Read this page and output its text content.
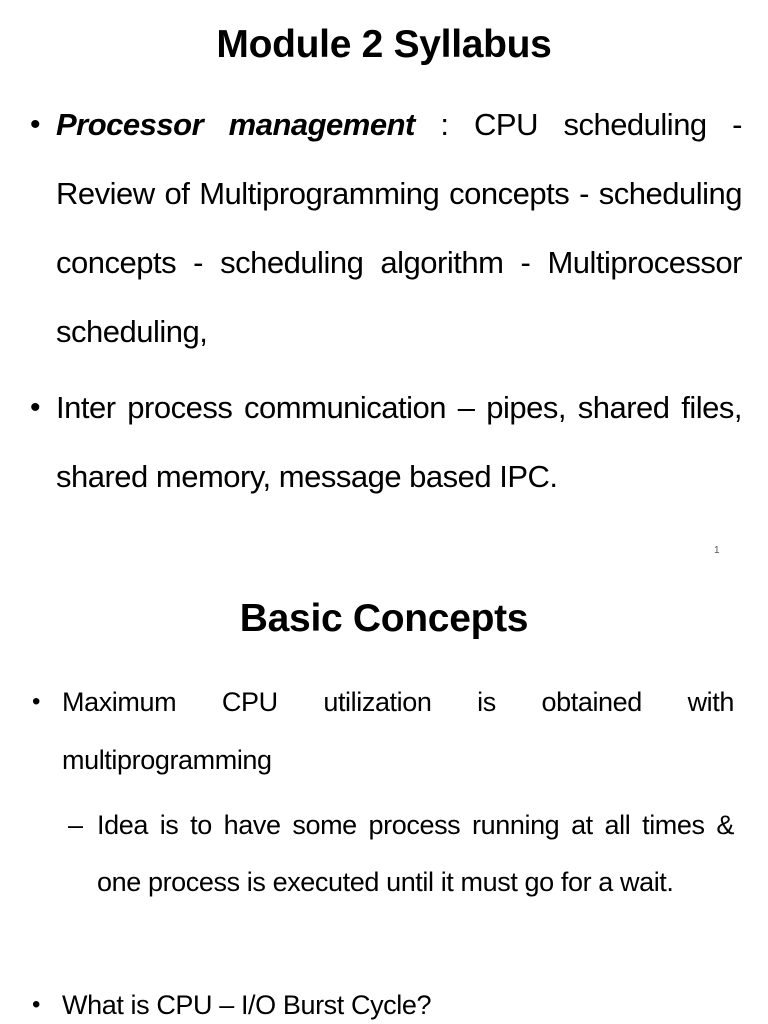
Module 2 Syllabus
• Processor management : CPU scheduling - Review of Multiprogramming concepts - scheduling concepts - scheduling algorithm - Multiprocessor scheduling,
• Inter process communication – pipes, shared files, shared memory, message based IPC.
1
Basic Concepts
• Maximum CPU utilization is obtained with multiprogramming
– Idea is to have some process running at all times & one process is executed until it must go for a wait.
• What is CPU – I/O Burst Cycle?
